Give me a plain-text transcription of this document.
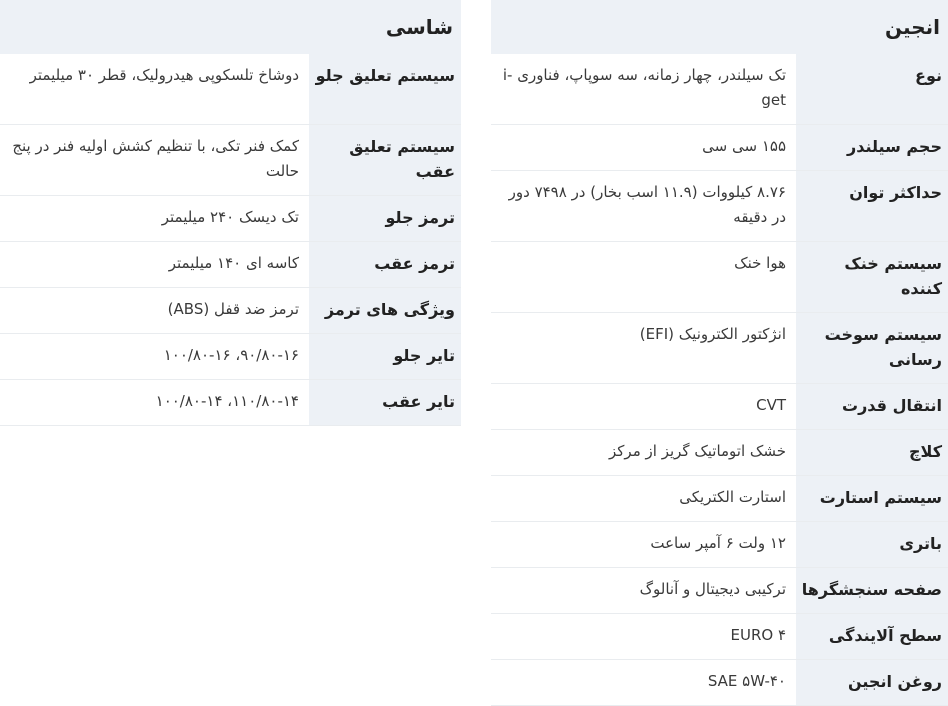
انجین
نوع
تک سیلندر، چهار زمانه، سه سوپاپ، فناوری i-get
حجم سیلندر
۱۵۵ سی سی
حداکثر توان
۸.۷۶ کیلووات (۱۱.۹ اسب بخار) در ۷۴۹۸ دور در دقیقه
سیستم خنک کننده
هوا خنک
سیستم سوخت رسانی
انژکتور الکترونیک (EFI)
انتقال قدرت
CVT
کلاچ
خشک اتوماتیک گریز از مرکز
سیستم استارت
استارت الکتریکی
باتری
۱۲ ولت ۶ آمپر ساعت
صفحه سنجشگرها
ترکیبی دیجیتال و آنالوگ
سطح آلایندگی
EURO ۴
روغن انجین
SAE ۵W-۴۰
شاسی
سیستم تعلیق جلو
دوشاخ تلسکوپی هیدرولیک، قطر ۳۰ میلیمتر
سیستم تعلیق عقب
کمک فنر تکی، با تنظیم کشش اولیه فنر در پنج حالت
ترمز جلو
تک دیسک ۲۴۰ میلیمتر
ترمز عقب
کاسه ای ۱۴۰ میلیمتر
ویژگی های ترمز
ترمز ضد قفل (ABS)
تایر جلو
۹۰/۸۰-۱۶، ۱۰۰/۸۰-۱۶
تایر عقب
۱۱۰/۸۰-۱۴، ۱۰۰/۸۰-۱۴
